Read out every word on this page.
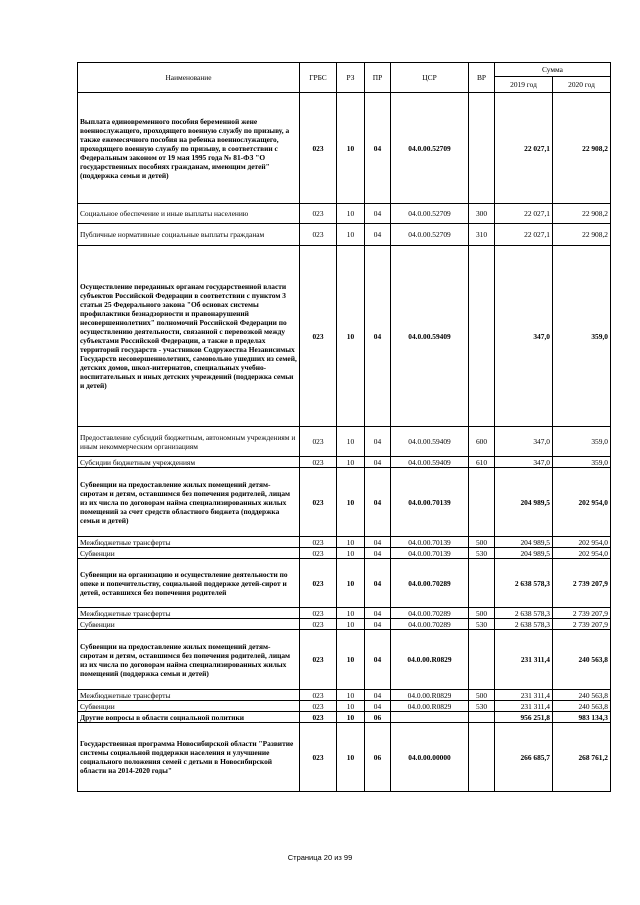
Наименование	ГРБС	РЗ	ПР	ЦСР	ВР	Сумма	
						2019 год	2020 год
Выплата единовременного пособия беременной жене военнослужащего, проходящего военную службу по призыву, а также ежемесячного пособия на ребенка военнослужащего, проходящего военную службу по призыву, в соответствии с Федеральным законом от 19 мая 1995 года № 81-ФЗ "О государственных пособиях гражданам, имеющим детей" (поддержка семьи и детей)	023	10	04	04.0.00.52709		22 027,1	22 908,2
Социальное обеспечение и иные выплаты населению	023	10	04	04.0.00.52709	300	22 027,1	22 908,2
Публичные нормативные социальные выплаты гражданам	023	10	04	04.0.00.52709	310	22 027,1	22 908,2
Осуществление переданных органам государственной власти субъектов Российской Федерации в соответствии с пунктом 3 статьи 25 Федерального закона "Об основах системы профилактики безнадзорности и правонарушений несовершеннолетних" полномочий Российской Федерации по осуществлению деятельности, связанной с перевозкой между субъектами Российской Федерации, а также в пределах территорий государств - участников Содружества Независимых Государств несовершеннолетних, самовольно ушедших из семей, детских домов, школ-интернатов, специальных учебно-воспитательных и иных детских учреждений (поддержка семьи и детей)	023	10	04	04.0.00.59409		347,0	359,0
Предоставление субсидий бюджетным, автономным учреждениям и иным некоммерческим организациям	023	10	04	04.0.00.59409	600	347,0	359,0
Субсидии бюджетным учреждениям	023	10	04	04.0.00.59409	610	347,0	359,0
Субвенции на предоставление жилых помещений детям-сиротам и детям, оставшимся без попечения родителей, лицам из их числа по договорам найма специализированных жилых помещений за счет средств областного бюджета (поддержка семьи и детей)	023	10	04	04.0.00.70139		204 989,5	202 954,0
Межбюджетные трансферты	023	10	04	04.0.00.70139	500	204 989,5	202 954,0
Субвенции	023	10	04	04.0.00.70139	530	204 989,5	202 954,0
Субвенции на организацию и осуществление деятельности по опеке и попечительству, социальной поддержке детей-сирот и детей, оставшихся без попечения родителей	023	10	04	04.0.00.70289		2 638 578,3	2 739 207,9
Межбюджетные трансферты	023	10	04	04.0.00.70289	500	2 638 578,3	2 739 207,9
Субвенции	023	10	04	04.0.00.70289	530	2 638 578,3	2 739 207,9
Субвенции на предоставление жилых помещений детям-сиротам и детям, оставшимся без попечения родителей, лицам из их числа по договорам найма специализированных жилых помещений (поддержка семьи и детей)	023	10	04	04.0.00.R0829		231 311,4	240 563,8
Межбюджетные трансферты	023	10	04	04.0.00.R0829	500	231 311,4	240 563,8
Субвенции	023	10	04	04.0.00.R0829	530	231 311,4	240 563,8
Другие вопросы в области социальной политики	023	10	06			956 251,8	983 134,3
Государственная программа Новосибирской области "Развитие системы социальной поддержки населения и улучшение социального положения семей с детьми в Новосибирской области на 2014-2020 годы"	023	10	06	04.0.00.00000		266 685,7	268 761,2
Страница 20 из 99
